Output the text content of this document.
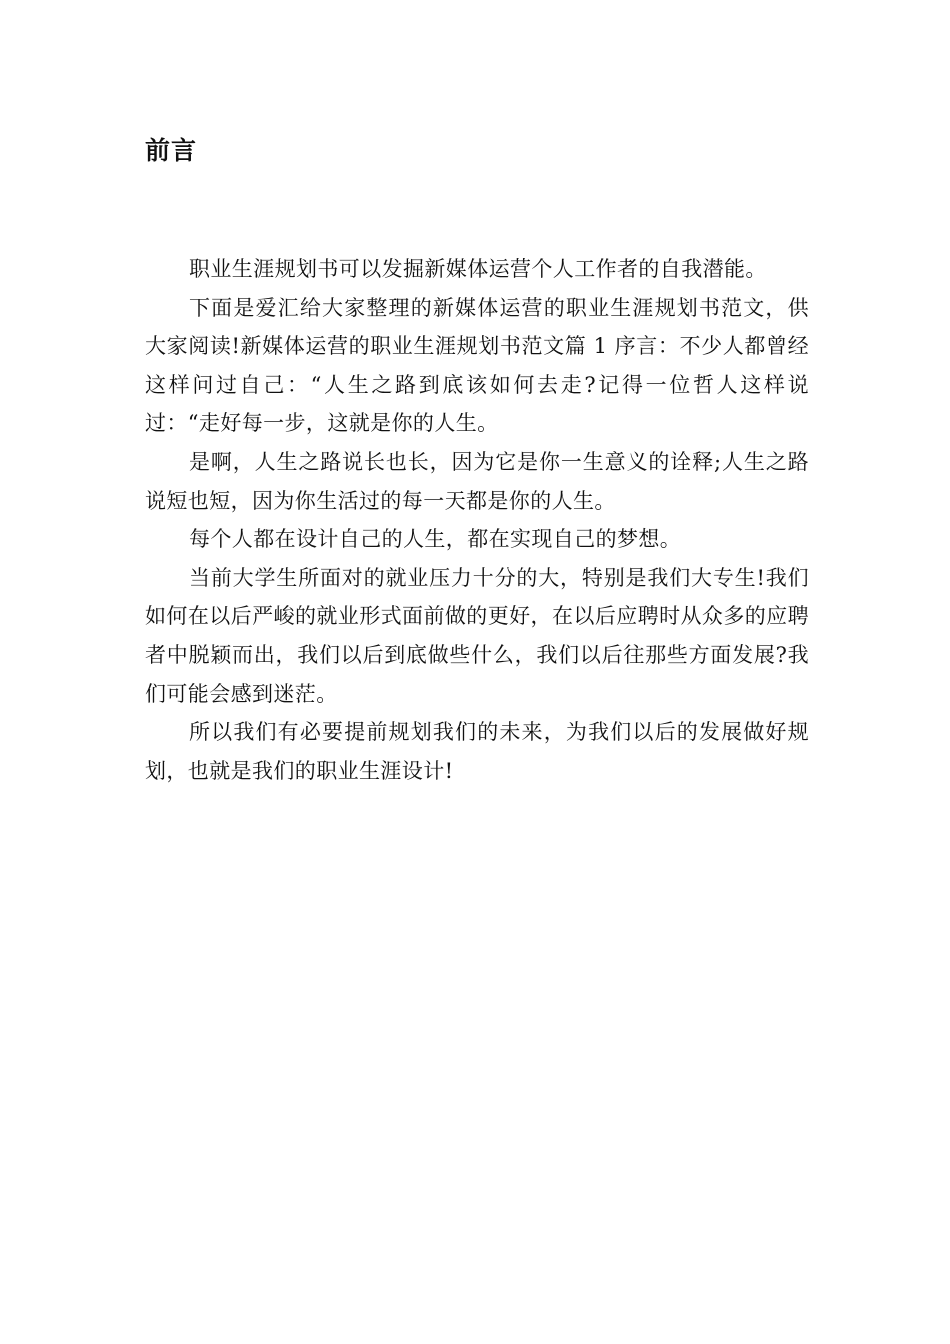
前言

职业生涯规划书可以发掘新媒体运营个人工作者的自我潜能。

下面是爱汇给大家整理的新媒体运营的职业生涯规划书范文，供大家阅读!新媒体运营的职业生涯规划书范文篇 1 序言：不少人都曾经这样问过自己：“人生之路到底该如何去走?记得一位哲人这样说过：“走好每一步，这就是你的人生。

是啊，人生之路说长也长，因为它是你一生意义的诠释;人生之路说短也短，因为你生活过的每一天都是你的人生。

每个人都在设计自己的人生，都在实现自己的梦想。

当前大学生所面对的就业压力十分的大，特别是我们大专生!我们如何在以后严峻的就业形式面前做的更好，在以后应聘时从众多的应聘者中脱颖而出，我们以后到底做些什么，我们以后往那些方面发展?我们可能会感到迷茫。

所以我们有必要提前规划我们的未来，为我们以后的发展做好规划，也就是我们的职业生涯设计!
